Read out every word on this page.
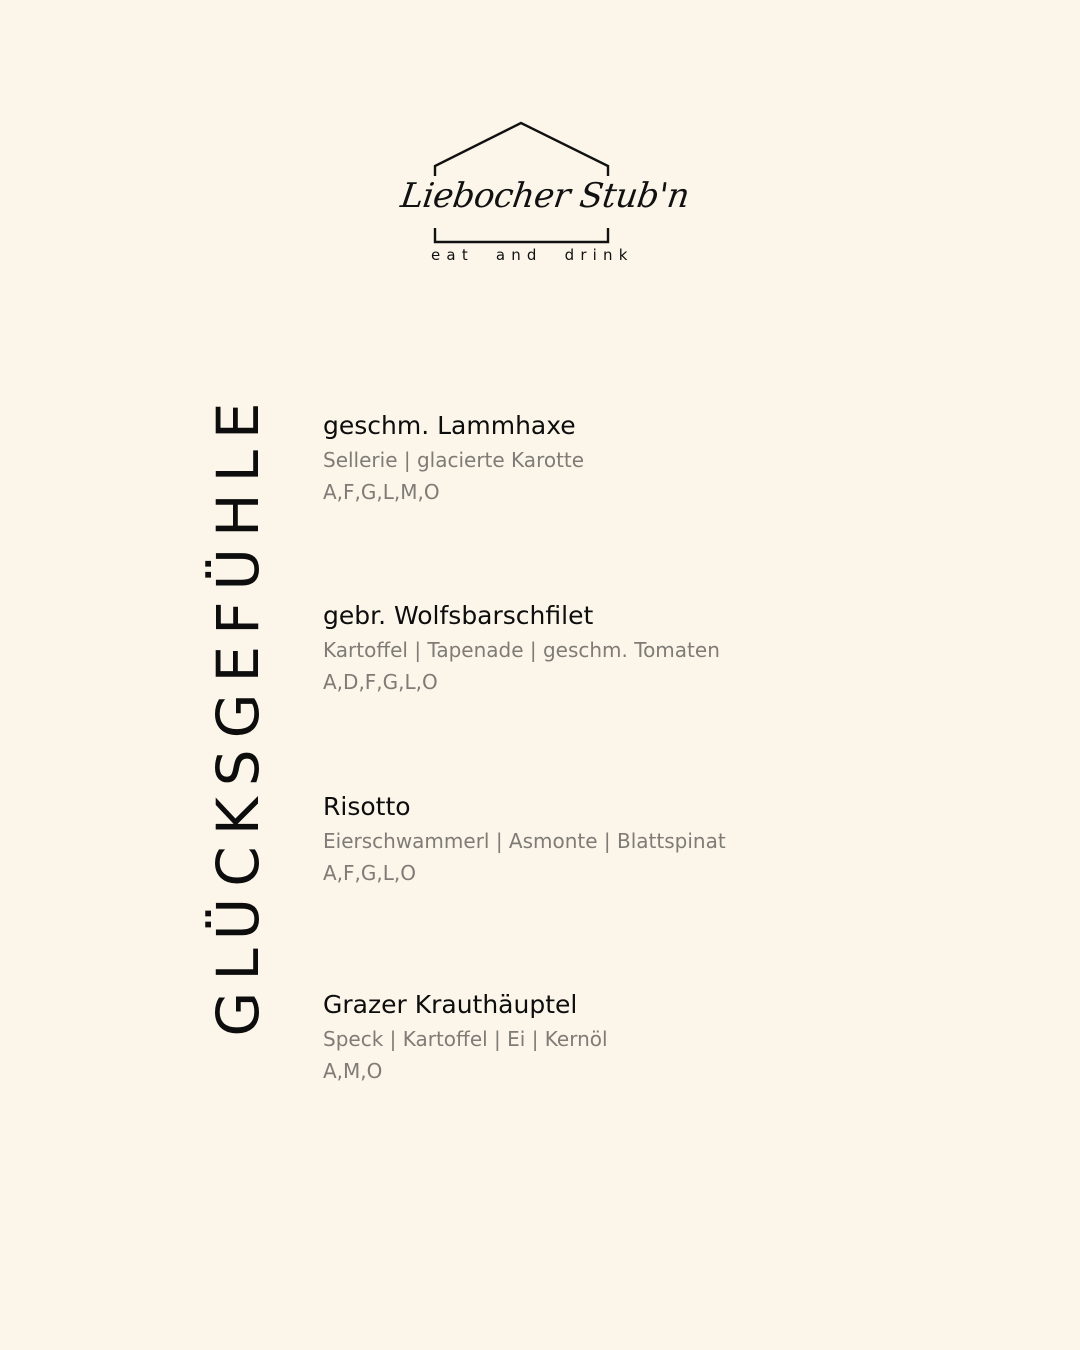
Liebocher Stub'n
eat  and  drink
GLÜCKSGEFÜHLE geschm. Lammhaxe
Sellerie | glacierte Karotte
A,F,G,L,M,O
gebr. Wolfsbarschfilet
Kartoffel | Tapenade | geschm. Tomaten
A,D,F,G,L,O
Risotto
Eierschwammerl | Asmonte | Blattspinat
A,F,G,L,O
Grazer Krauthäuptel
Speck | Kartoffel | Ei | Kernöl
A,M,O
